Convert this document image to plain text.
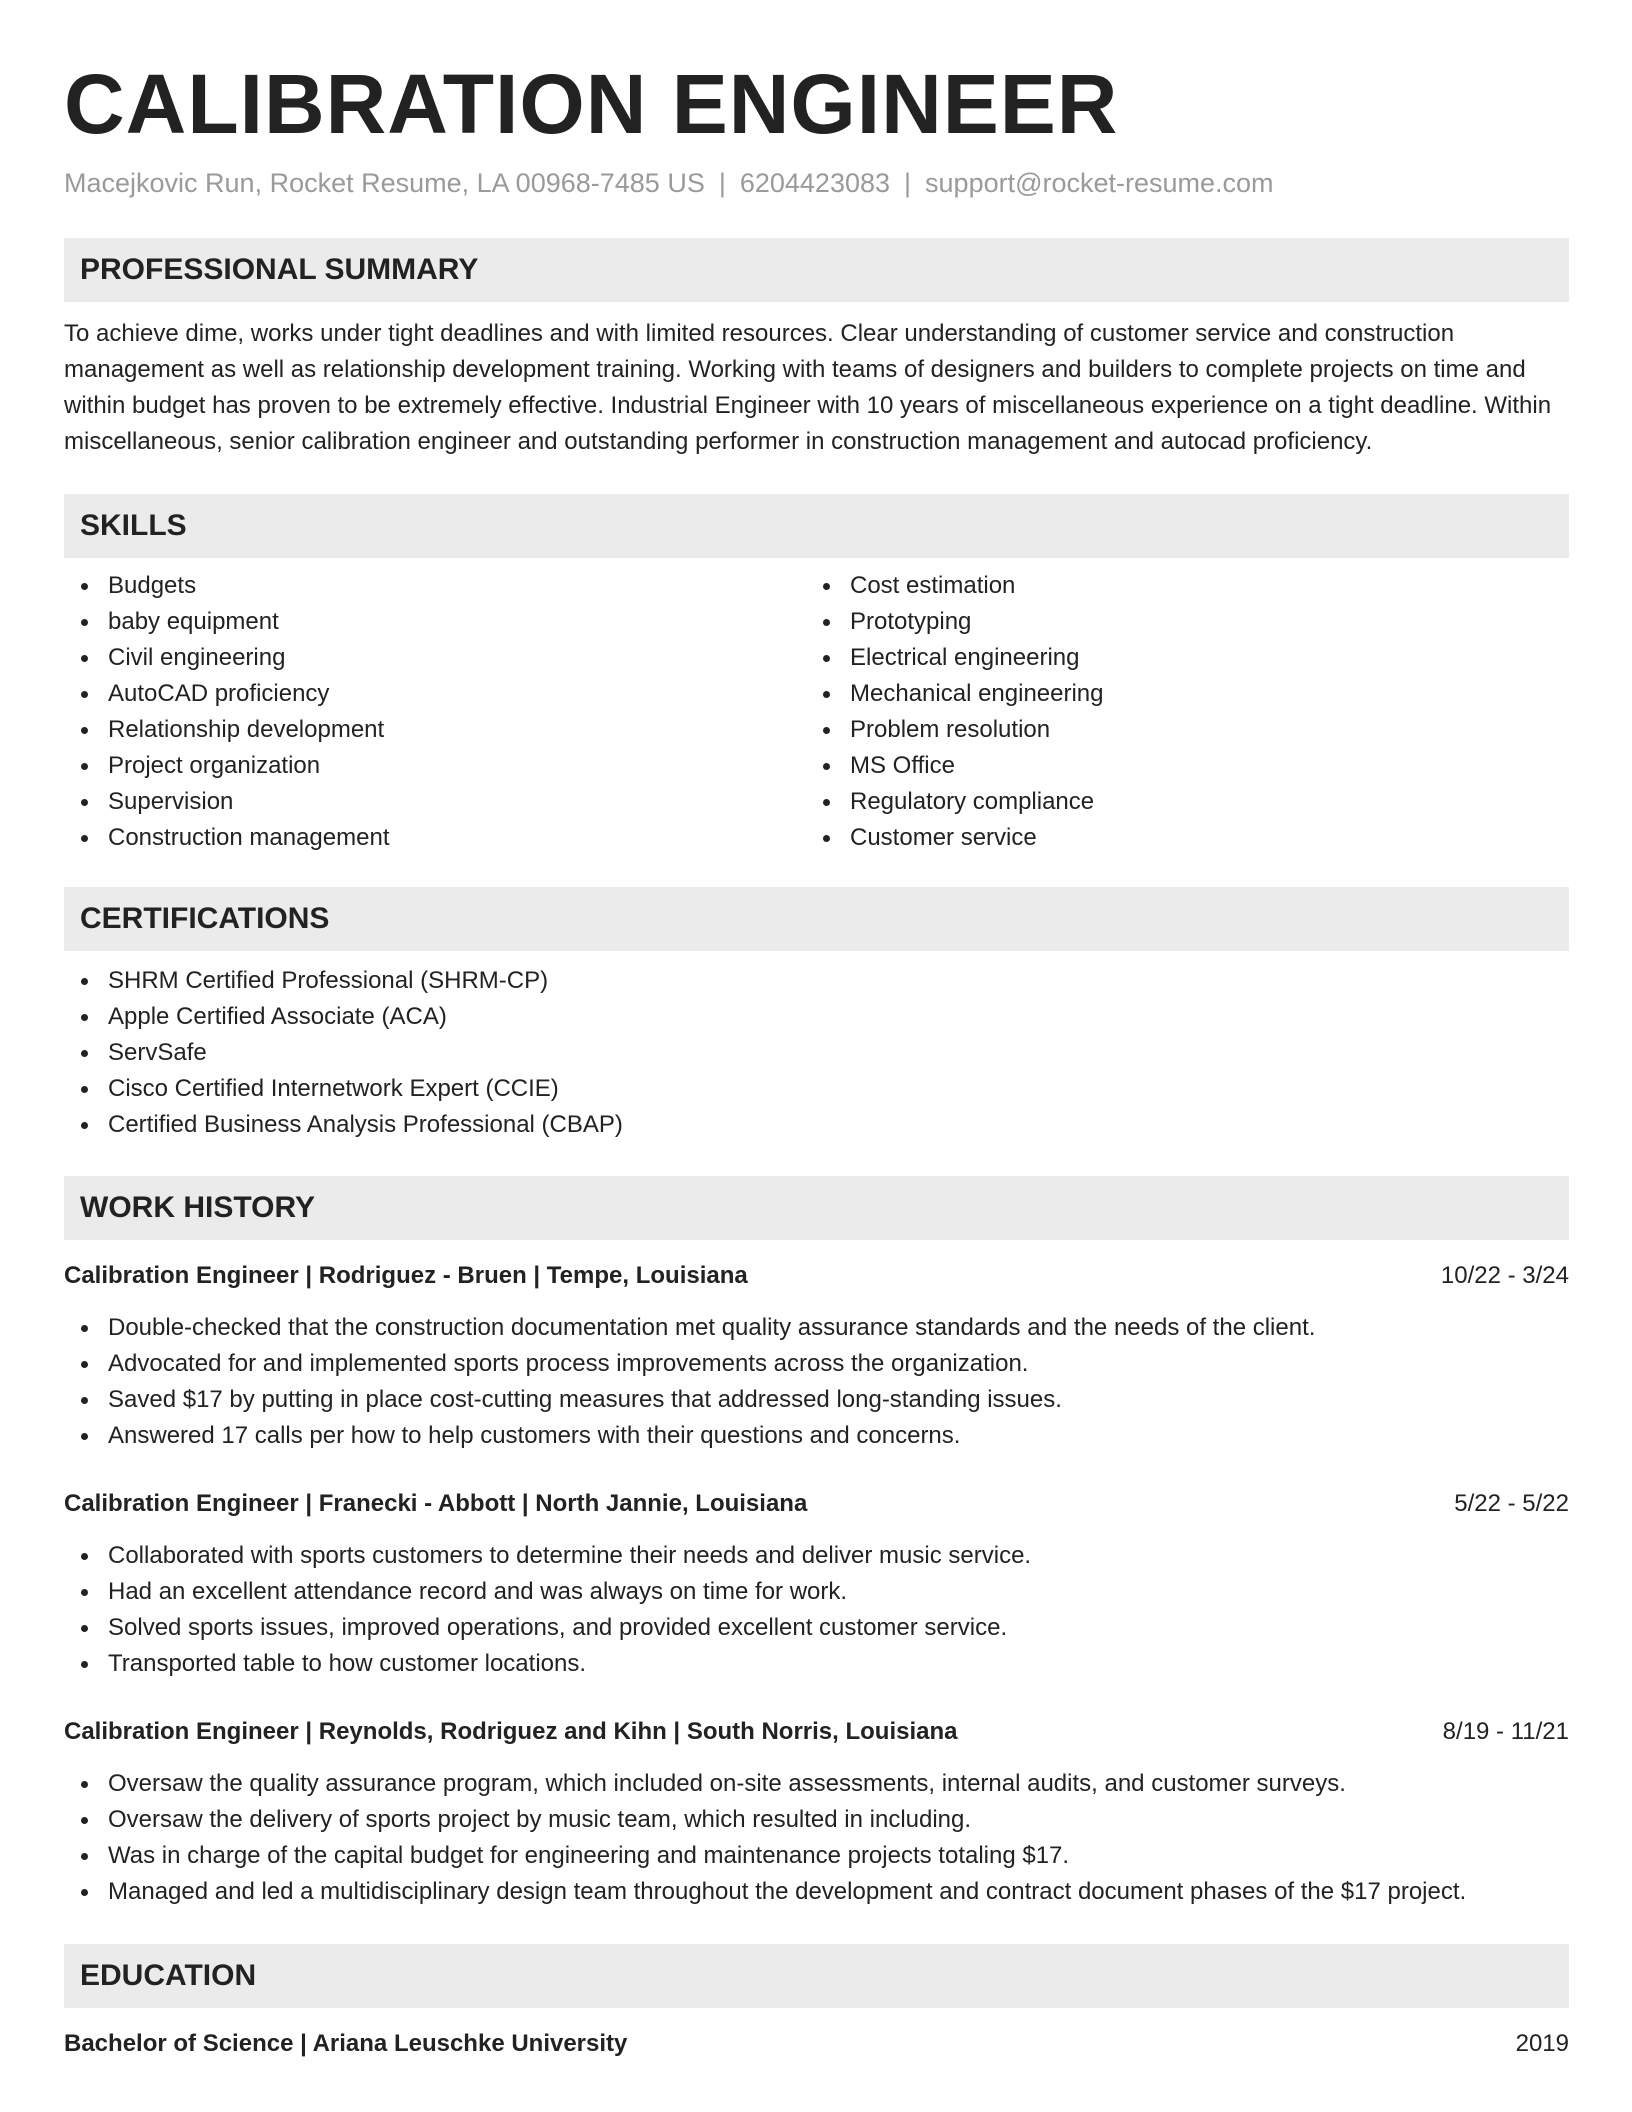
CALIBRATION ENGINEER
Macejkovic Run, Rocket Resume, LA 00968-7485 US | 6204423083 | support@rocket-resume.com
PROFESSIONAL SUMMARY

To achieve dime, works under tight deadlines and with limited resources. Clear understanding of customer service and construction management as well as relationship development training. Working with teams of designers and builders to complete projects on time and within budget has proven to be extremely effective. Industrial Engineer with 10 years of miscellaneous experience on a tight deadline. Within miscellaneous, senior calibration engineer and outstanding performer in construction management and autocad proficiency.

SKILLS
Budgets
baby equipment
Civil engineering
AutoCAD proficiency
Relationship development
Project organization
Supervision
Construction management
Cost estimation
Prototyping
Electrical engineering
Mechanical engineering
Problem resolution
MS Office
Regulatory compliance
Customer service
CERTIFICATIONS
SHRM Certified Professional (SHRM-CP)
Apple Certified Associate (ACA)
ServSafe
Cisco Certified Internetwork Expert (CCIE)
Certified Business Analysis Professional (CBAP)
WORK HISTORY
Calibration Engineer | Rodriguez - Bruen | Tempe, Louisiana	10/22 - 3/24
Double-checked that the construction documentation met quality assurance standards and the needs of the client.
Advocated for and implemented sports process improvements across the organization.
Saved $17 by putting in place cost-cutting measures that addressed long-standing issues.
Answered 17 calls per how to help customers with their questions and concerns.
Calibration Engineer | Franecki - Abbott | North Jannie, Louisiana	5/22 - 5/22
Collaborated with sports customers to determine their needs and deliver music service.
Had an excellent attendance record and was always on time for work.
Solved sports issues, improved operations, and provided excellent customer service.
Transported table to how customer locations.
Calibration Engineer | Reynolds, Rodriguez and Kihn | South Norris, Louisiana	8/19 - 11/21
Oversaw the quality assurance program, which included on-site assessments, internal audits, and customer surveys.
Oversaw the delivery of sports project by music team, which resulted in including.
Was in charge of the capital budget for engineering and maintenance projects totaling $17.
Managed and led a multidisciplinary design team throughout the development and contract document phases of the $17 project.
EDUCATION
Bachelor of Science | Ariana Leuschke University	2019
